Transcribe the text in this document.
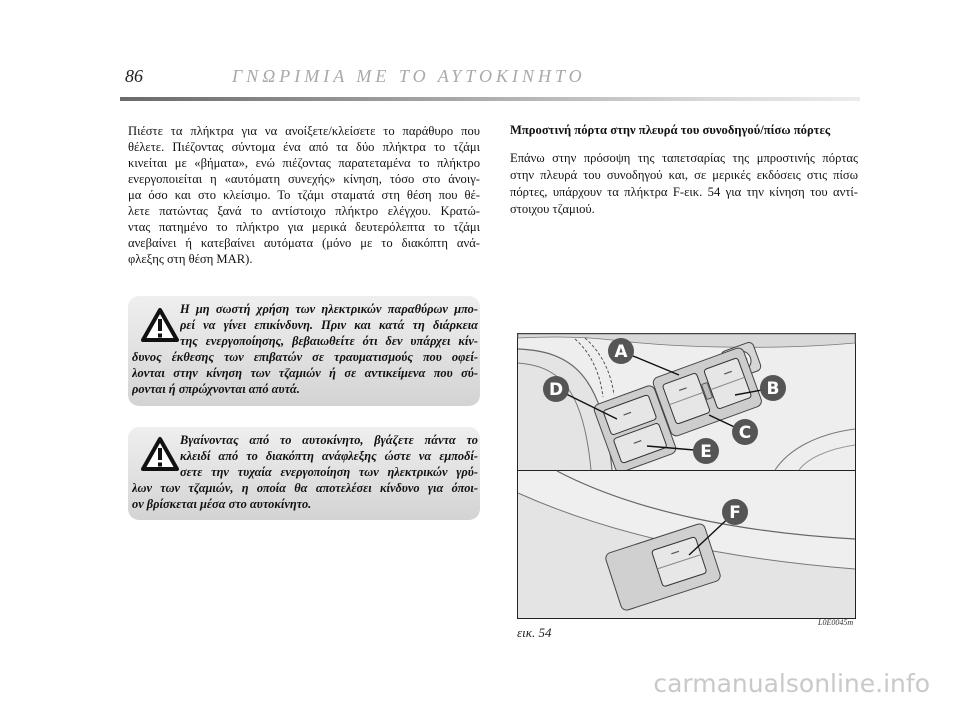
86	ΓΝΩΡΙΜΙΑ ΜΕ ΤΟ ΑΥΤΟΚΙΝΗΤΟ
Πιέστε τα πλήκτρα για να ανοίξετε/κλείσετε το παράθυρο που
θέλετε. Πιέζοντας σύντομα ένα από τα δύο πλήκτρα το τζάμι
κινείται με «βήματα», ενώ πιέζοντας παρατεταμένα το πλήκτρο
ενεργοποιείται η «αυτόματη συνεχής» κίνηση, τόσο στο άνοιγ-
μα όσο και στο κλείσιμο. Το τζάμι σταματά στη θέση που θέ-
λετε πατώντας ξανά το αντίστοιχο πλήκτρο ελέγχου. Κρατώ-
ντας πατημένο το πλήκτρο για μερικά δευτερόλεπτα το τζάμι
ανεβαίνει ή κατεβαίνει αυτόματα (μόνο με το διακόπτη ανά-
φλεξης στη θέση MAR).
Η μη σωστή χρήση των ηλεκτρικών παραθύρων μπο-
ρεί να γίνει επικίνδυνη. Πριν και κατά τη διάρκεια
της ενεργοποίησης, βεβαιωθείτε ότι δεν υπάρχει κίν-
δυνος έκθεσης των επιβατών σε τραυματισμούς που οφεί-
λονται στην κίνηση των τζαμιών ή σε αντικείμενα που σύ-
ρονται ή σπρώχνονται από αυτά.
Βγαίνοντας από το αυτοκίνητο, βγάζετε πάντα το
κλειδί από το διακόπτη ανάφλεξης ώστε να εμποδί-
σετε την τυχαία ενεργοποίηση των ηλεκτρικών γρύ-
λων των τζαμιών, η οποία θα αποτελέσει κίνδυνο για όποι-
ον βρίσκεται μέσα στο αυτοκίνητο.
Μπροστινή πόρτα στην πλευρά του συνοδηγού/πίσω πόρτες
Επάνω στην πρόσοψη της ταπετσαρίας της μπροστινής πόρτας
στην πλευρά του συνοδηγού και, σε μερικές εκδόσεις στις πίσω
πόρτες, υπάρχουν τα πλήκτρα F-εικ. 54 για την κίνηση του αντί-
στοιχου τζαμιού.
A
B
C
D
E
F
L0E0045m
εικ. 54
carmanualsonline.info
